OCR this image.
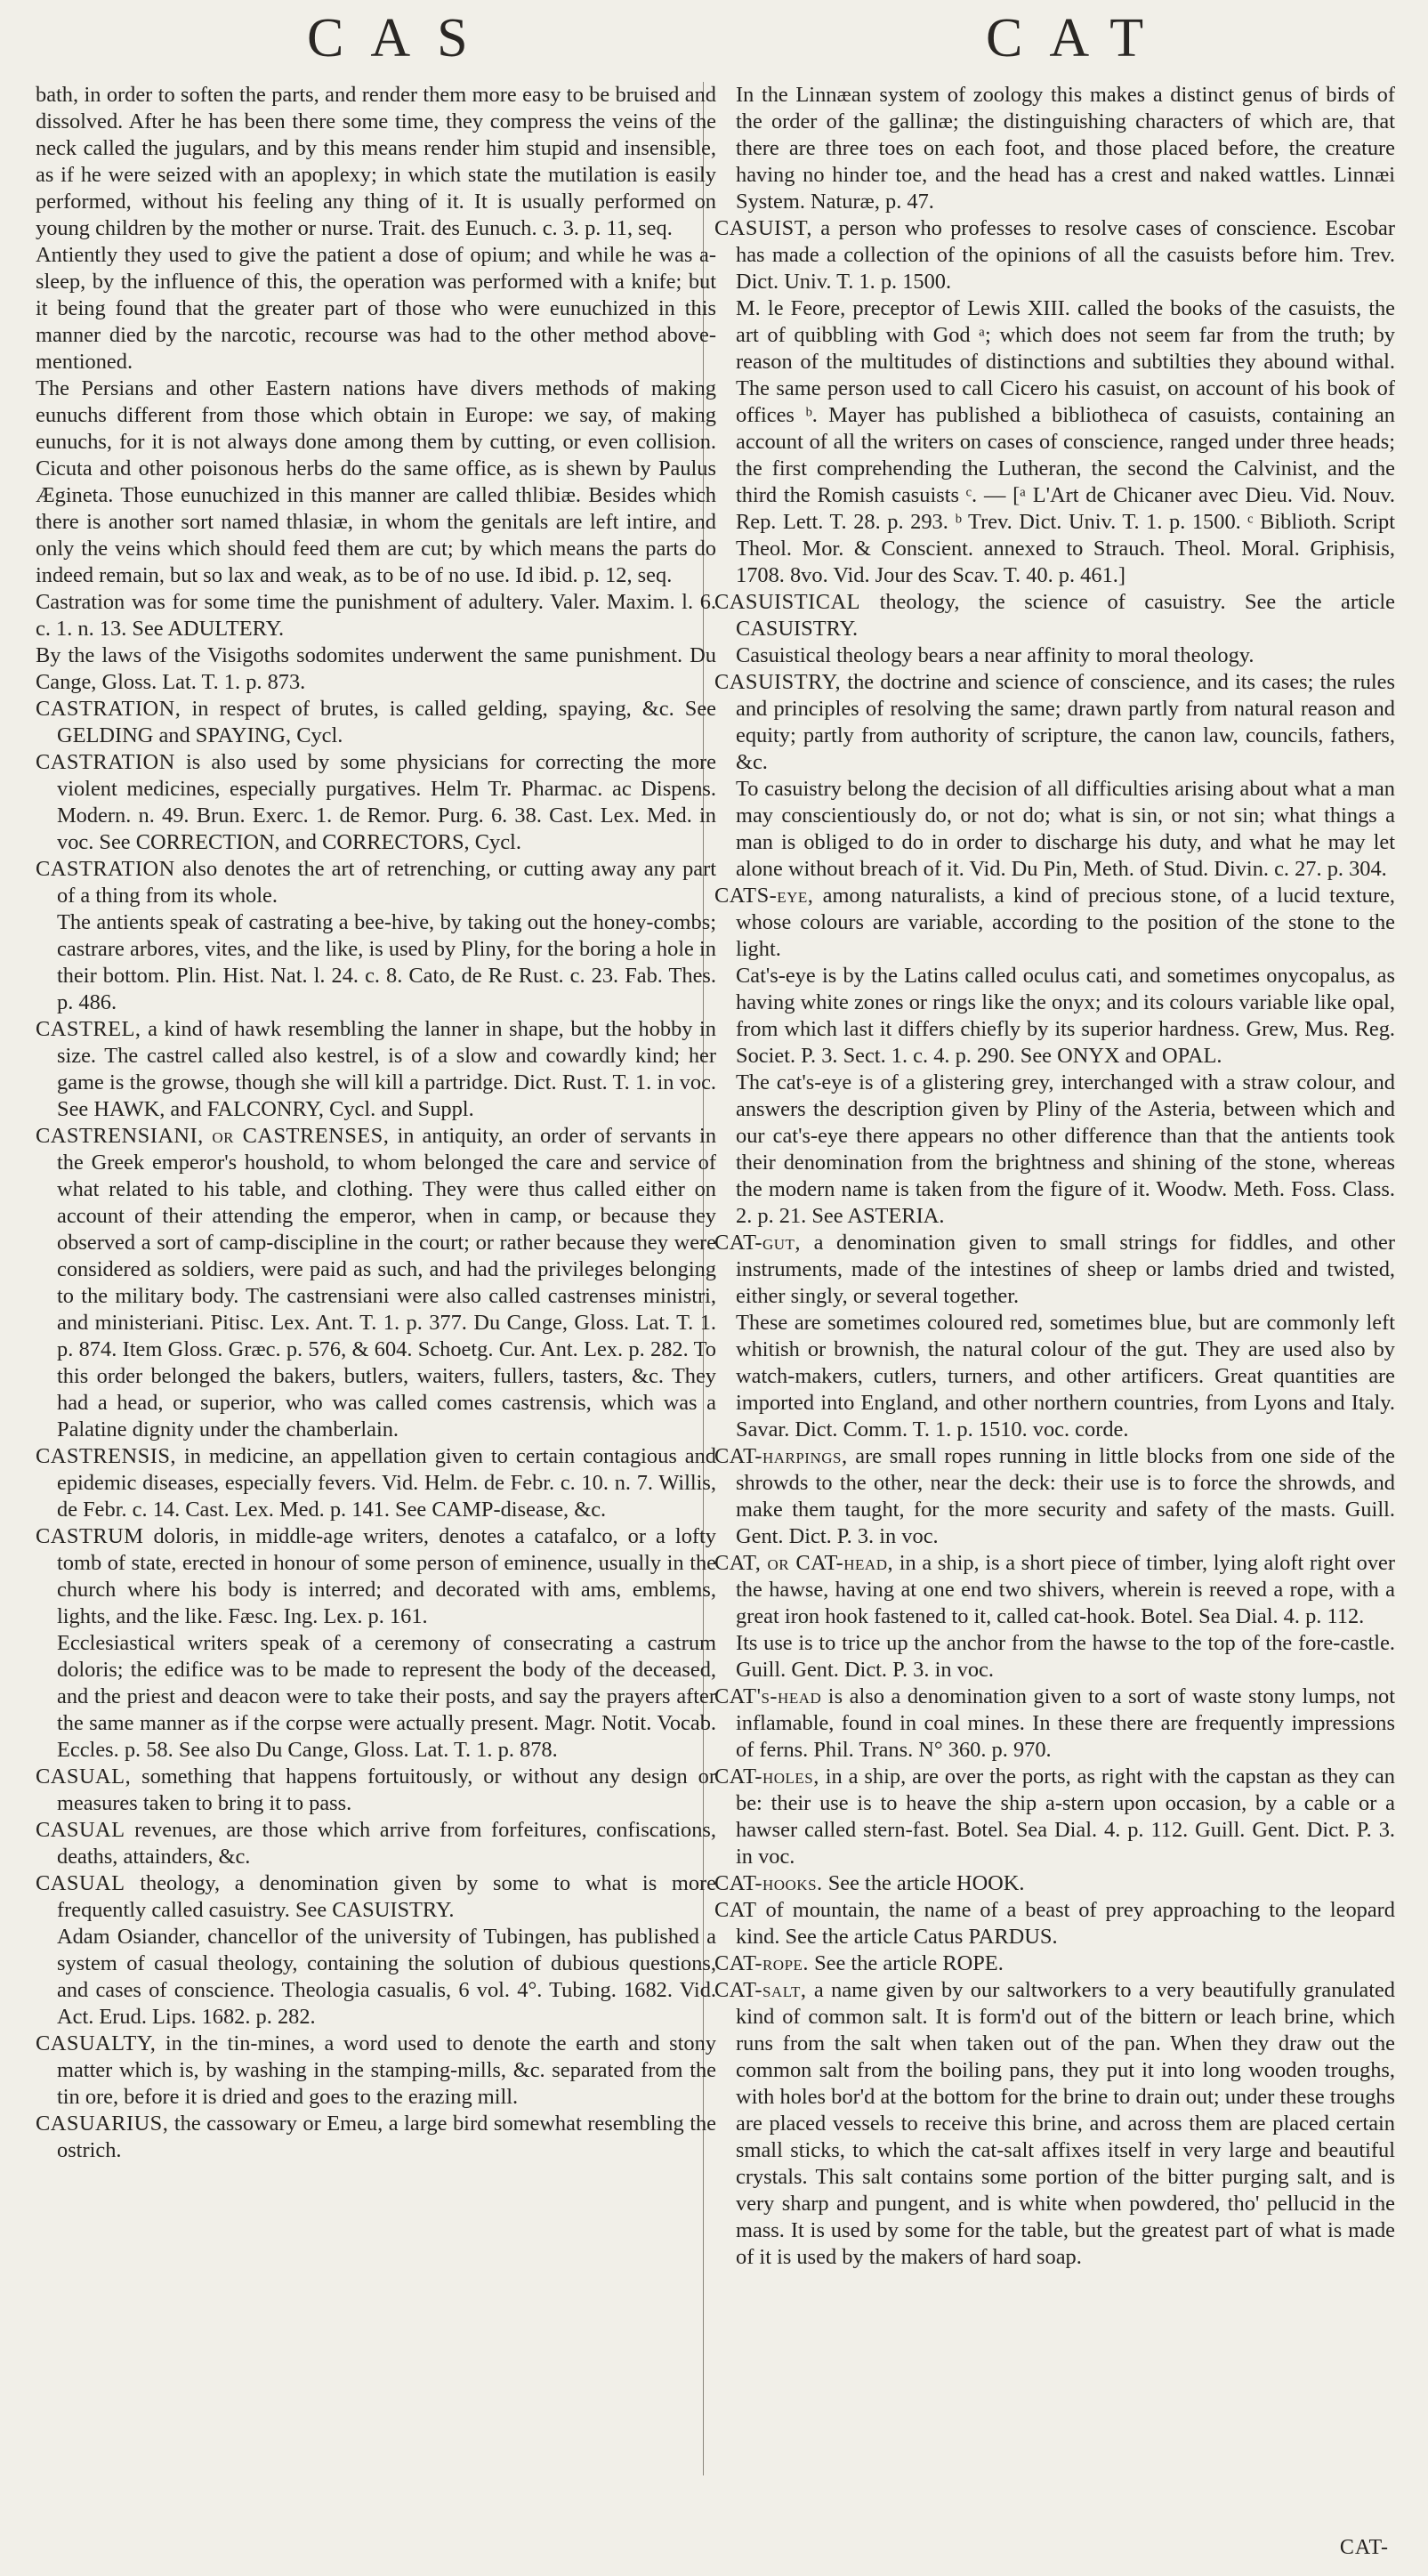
CAS	CAT

bath, in order to soften the parts, and render them more easy to be bruised and dissolved. After he has been there some time, they compress the veins of the neck called the jugulars, and by this means render him stupid and insensible, as if he were seized with an apoplexy; in which state the mutilation is easily performed, without his feeling any thing of it. It is usually performed on young children by the mother or nurse. Trait. des Eunuch. c. 3. p. 11, seq.

Antiently they used to give the patient a dose of opium; and while he was a-sleep, by the influence of this, the operation was performed with a knife; but it being found that the greater part of those who were eunuchized in this manner died by the narcotic, recourse was had to the other method above-mentioned.

The Persians and other Eastern nations have divers methods of making eunuchs different from those which obtain in Europe: we say, of making eunuchs, for it is not always done among them by cutting, or even collision. Cicuta and other poisonous herbs do the same office, as is shewn by Paulus Ægineta. Those eunuchized in this manner are called thlibiæ. Besides which there is another sort named thlasiæ, in whom the genitals are left intire, and only the veins which should feed them are cut; by which means the parts do indeed remain, but so lax and weak, as to be of no use. Id ibid. p. 12, seq.

Castration was for some time the punishment of adultery. Valer. Maxim. l. 6. c. 1. n. 13. See ADULTERY.

By the laws of the Visigoths sodomites underwent the same punishment. Du Cange, Gloss. Lat. T. 1. p. 873.

CASTRATION, in respect of brutes, is called gelding, spaying, &c. See GELDING and SPAYING, Cycl.

CASTRATION is also used by some physicians for correcting the more violent medicines, especially purgatives. Helm Tr. Pharmac. ac Dispens. Modern. n. 49. Brun. Exerc. 1. de Remor. Purg. 6. 38. Cast. Lex. Med. in voc. See CORRECTION, and CORRECTORS, Cycl.

CASTRATION also denotes the art of retrenching, or cutting away any part of a thing from its whole.

The antients speak of castrating a bee-hive, by taking out the honey-combs; castrare arbores, vites, and the like, is used by Pliny, for the boring a hole in their bottom. Plin. Hist. Nat. l. 24. c. 8. Cato, de Re Rust. c. 23. Fab. Thes. p. 486.

CASTREL, a kind of hawk resembling the lanner in shape, but the hobby in size. The castrel called also kestrel, is of a slow and cowardly kind; her game is the growse, though she will kill a partridge. Dict. Rust. T. 1. in voc. See HAWK, and FALCONRY, Cycl. and Suppl.

CASTRENSIANI, or CASTRENSES, in antiquity, an order of servants in the Greek emperor's houshold, to whom belonged the care and service of what related to his table, and clothing. They were thus called either on account of their attending the emperor, when in camp, or because they observed a sort of camp-discipline in the court; or rather because they were considered as soldiers, were paid as such, and had the privileges belonging to the military body. The castrensiani were also called castrenses ministri, and ministeriani. Pitisc. Lex. Ant. T. 1. p. 377. Du Cange, Gloss. Lat. T. 1. p. 874. Item Gloss. Græc. p. 576, & 604. Schoetg. Cur. Ant. Lex. p. 282. To this order belonged the bakers, butlers, waiters, fullers, tasters, &c. They had a head, or superior, who was called comes castrensis, which was a Palatine dignity under the chamberlain.

CASTRENSIS, in medicine, an appellation given to certain contagious and epidemic diseases, especially fevers. Vid. Helm. de Febr. c. 10. n. 7. Willis, de Febr. c. 14. Cast. Lex. Med. p. 141. See CAMP-disease, &c.

CASTRUM doloris, in middle-age writers, denotes a catafalco, or a lofty tomb of state, erected in honour of some person of eminence, usually in the church where his body is interred; and decorated with ams, emblems, lights, and the like. Fæsc. Ing. Lex. p. 161.

Ecclesiastical writers speak of a ceremony of consecrating a castrum doloris; the edifice was to be made to represent the body of the deceased, and the priest and deacon were to take their posts, and say the prayers after the same manner as if the corpse were actually present. Magr. Notit. Vocab. Eccles. p. 58. See also Du Cange, Gloss. Lat. T. 1. p. 878.

CASUAL, something that happens fortuitously, or without any design or measures taken to bring it to pass.

CASUAL revenues, are those which arrive from forfeitures, confiscations, deaths, attainders, &c.

CASUAL theology, a denomination given by some to what is more frequently called casuistry. See CASUISTRY.

Adam Osiander, chancellor of the university of Tubingen, has published a system of casual theology, containing the solution of dubious questions, and cases of conscience. Theologia casualis, 6 vol. 4°. Tubing. 1682. Vid. Act. Erud. Lips. 1682. p. 282.

CASUALTY, in the tin-mines, a word used to denote the earth and stony matter which is, by washing in the stamping-mills, &c. separated from the tin ore, before it is dried and goes to the erazing mill.

CASUARIUS, the cassowary or Emeu, a large bird somewhat resembling the ostrich.

In the Linnæan system of zoology this makes a distinct genus of birds of the order of the gallinæ; the distinguishing characters of which are, that there are three toes on each foot, and those placed before, the creature having no hinder toe, and the head has a crest and naked wattles. Linnæi System. Naturæ, p. 47.

CASUIST, a person who professes to resolve cases of conscience. Escobar has made a collection of the opinions of all the casuists before him. Trev. Dict. Univ. T. 1. p. 1500.

M. le Feore, preceptor of Lewis XIII. called the books of the casuists, the art of quibbling with God ᵃ; which does not seem far from the truth; by reason of the multitudes of distinctions and subtilties they abound withal. The same person used to call Cicero his casuist, on account of his book of offices ᵇ. Mayer has published a bibliotheca of casuists, containing an account of all the writers on cases of conscience, ranged under three heads; the first comprehending the Lutheran, the second the Calvinist, and the third the Romish casuists ᶜ. — [ᵃ L'Art de Chicaner avec Dieu. Vid. Nouv. Rep. Lett. T. 28. p. 293. ᵇ Trev. Dict. Univ. T. 1. p. 1500. ᶜ Biblioth. Script Theol. Mor. & Conscient. annexed to Strauch. Theol. Moral. Griphisis, 1708. 8vo. Vid. Jour des Scav. T. 40. p. 461.]

CASUISTICAL theology, the science of casuistry. See the article CASUISTRY.

Casuistical theology bears a near affinity to moral theology.

CASUISTRY, the doctrine and science of conscience, and its cases; the rules and principles of resolving the same; drawn partly from natural reason and equity; partly from authority of scripture, the canon law, councils, fathers, &c.

To casuistry belong the decision of all difficulties arising about what a man may conscientiously do, or not do; what is sin, or not sin; what things a man is obliged to do in order to discharge his duty, and what he may let alone without breach of it. Vid. Du Pin, Meth. of Stud. Divin. c. 27. p. 304.

CATS-eye, among naturalists, a kind of precious stone, of a lucid texture, whose colours are variable, according to the position of the stone to the light.

Cat's-eye is by the Latins called oculus cati, and sometimes onycopalus, as having white zones or rings like the onyx; and its colours variable like opal, from which last it differs chiefly by its superior hardness. Grew, Mus. Reg. Societ. P. 3. Sect. 1. c. 4. p. 290. See ONYX and OPAL.

The cat's-eye is of a glistering grey, interchanged with a straw colour, and answers the description given by Pliny of the Asteria, between which and our cat's-eye there appears no other difference than that the antients took their denomination from the brightness and shining of the stone, whereas the modern name is taken from the figure of it. Woodw. Meth. Foss. Class. 2. p. 21. See ASTERIA.

CAT-gut, a denomination given to small strings for fiddles, and other instruments, made of the intestines of sheep or lambs dried and twisted, either singly, or several together.

These are sometimes coloured red, sometimes blue, but are commonly left whitish or brownish, the natural colour of the gut. They are used also by watch-makers, cutlers, turners, and other artificers. Great quantities are imported into England, and other northern countries, from Lyons and Italy. Savar. Dict. Comm. T. 1. p. 1510. voc. corde.

CAT-harpings, are small ropes running in little blocks from one side of the shrowds to the other, near the deck: their use is to force the shrowds, and make them taught, for the more security and safety of the masts. Guill. Gent. Dict. P. 3. in voc.

CAT, or CAT-head, in a ship, is a short piece of timber, lying aloft right over the hawse, having at one end two shivers, wherein is reeved a rope, with a great iron hook fastened to it, called cat-hook. Botel. Sea Dial. 4. p. 112.

Its use is to trice up the anchor from the hawse to the top of the fore-castle. Guill. Gent. Dict. P. 3. in voc.

CAT's-head is also a denomination given to a sort of waste stony lumps, not inflamable, found in coal mines. In these there are frequently impressions of ferns. Phil. Trans. N° 360. p. 970.

CAT-holes, in a ship, are over the ports, as right with the capstan as they can be: their use is to heave the ship a-stern upon occasion, by a cable or a hawser called stern-fast. Botel. Sea Dial. 4. p. 112. Guill. Gent. Dict. P. 3. in voc.

CAT-hooks. See the article HOOK.

CAT of mountain, the name of a beast of prey approaching to the leopard kind. See the article Catus PARDUS.

CAT-rope. See the article ROPE.

CAT-salt, a name given by our saltworkers to a very beautifully granulated kind of common salt. It is form'd out of the bittern or leach brine, which runs from the salt when taken out of the pan. When they draw out the common salt from the boiling pans, they put it into long wooden troughs, with holes bor'd at the bottom for the brine to drain out; under these troughs are placed vessels to receive this brine, and across them are placed certain small sticks, to which the cat-salt affixes itself in very large and beautiful crystals. This salt contains some portion of the bitter purging salt, and is very sharp and pungent, and is white when powdered, tho' pellucid in the mass. It is used by some for the table, but the greatest part of what is made of it is used by the makers of hard soap.

CAT-
